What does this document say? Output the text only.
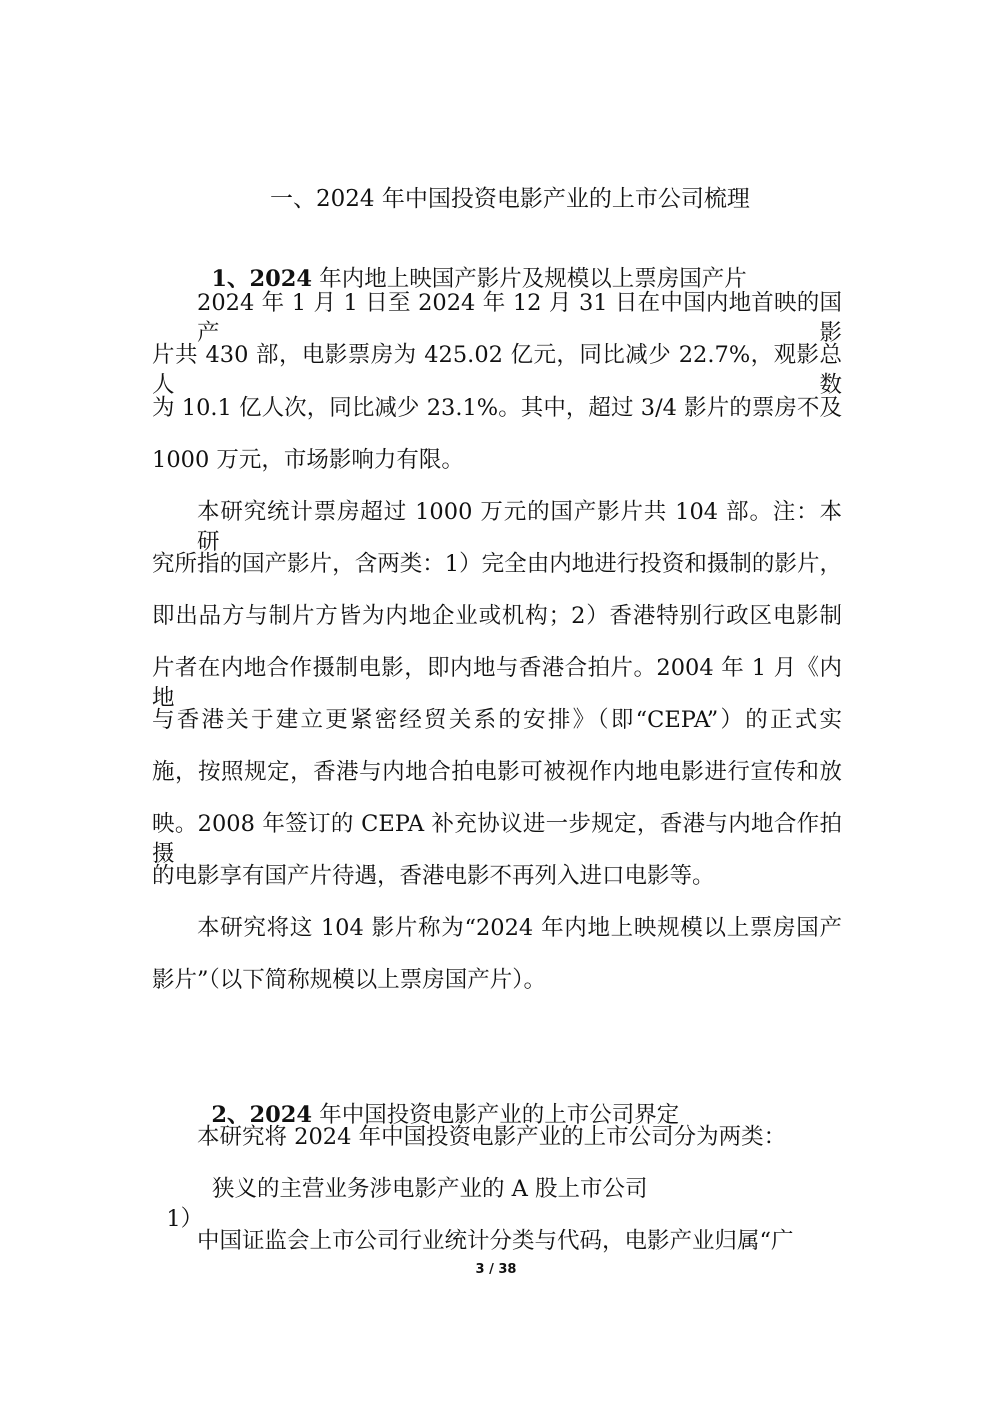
一、2024 年中国投资电影产业的上市公司梳理

1、2024 年内地上映国产影片及规模以上票房国产片

2024 年 1 月 1 日至 2024 年 12 月 31 日在中国内地首映的国产影
片共 430 部，电影票房为 425.02 亿元，同比减少 22.7%，观影总人数
为 10.1 亿人次，同比减少 23.1%。其中，超过 3/4 影片的票房不及
1000 万元，市场影响力有限。
本研究统计票房超过 1000 万元的国产影片共 104 部。注：本研
究所指的国产影片，含两类：1）完全由内地进行投资和摄制的影片，
即出品方与制片方皆为内地企业或机构；2）香港特别行政区电影制
片者在内地合作摄制电影，即内地与香港合拍片。2004 年 1 月《内地
与香港关于建立更紧密经贸关系的安排》（即“CEPA”）的正式实
施，按照规定，香港与内地合拍电影可被视作内地电影进行宣传和放
映。2008 年签订的 CEPA 补充协议进一步规定，香港与内地合作拍摄
的电影享有国产片待遇，香港电影不再列入进口电影等。
本研究将这 104 影片称为“2024 年内地上映规模以上票房国产
影片”（以下简称规模以上票房国产片）。

2、2024 年中国投资电影产业的上市公司界定

本研究将 2024 年中国投资电影产业的上市公司分为两类：

1）

狭义的主营业务涉电影产业的 A 股上市公司
中国证监会上市公司行业统计分类与代码，电影产业归属“广
3 / 38
